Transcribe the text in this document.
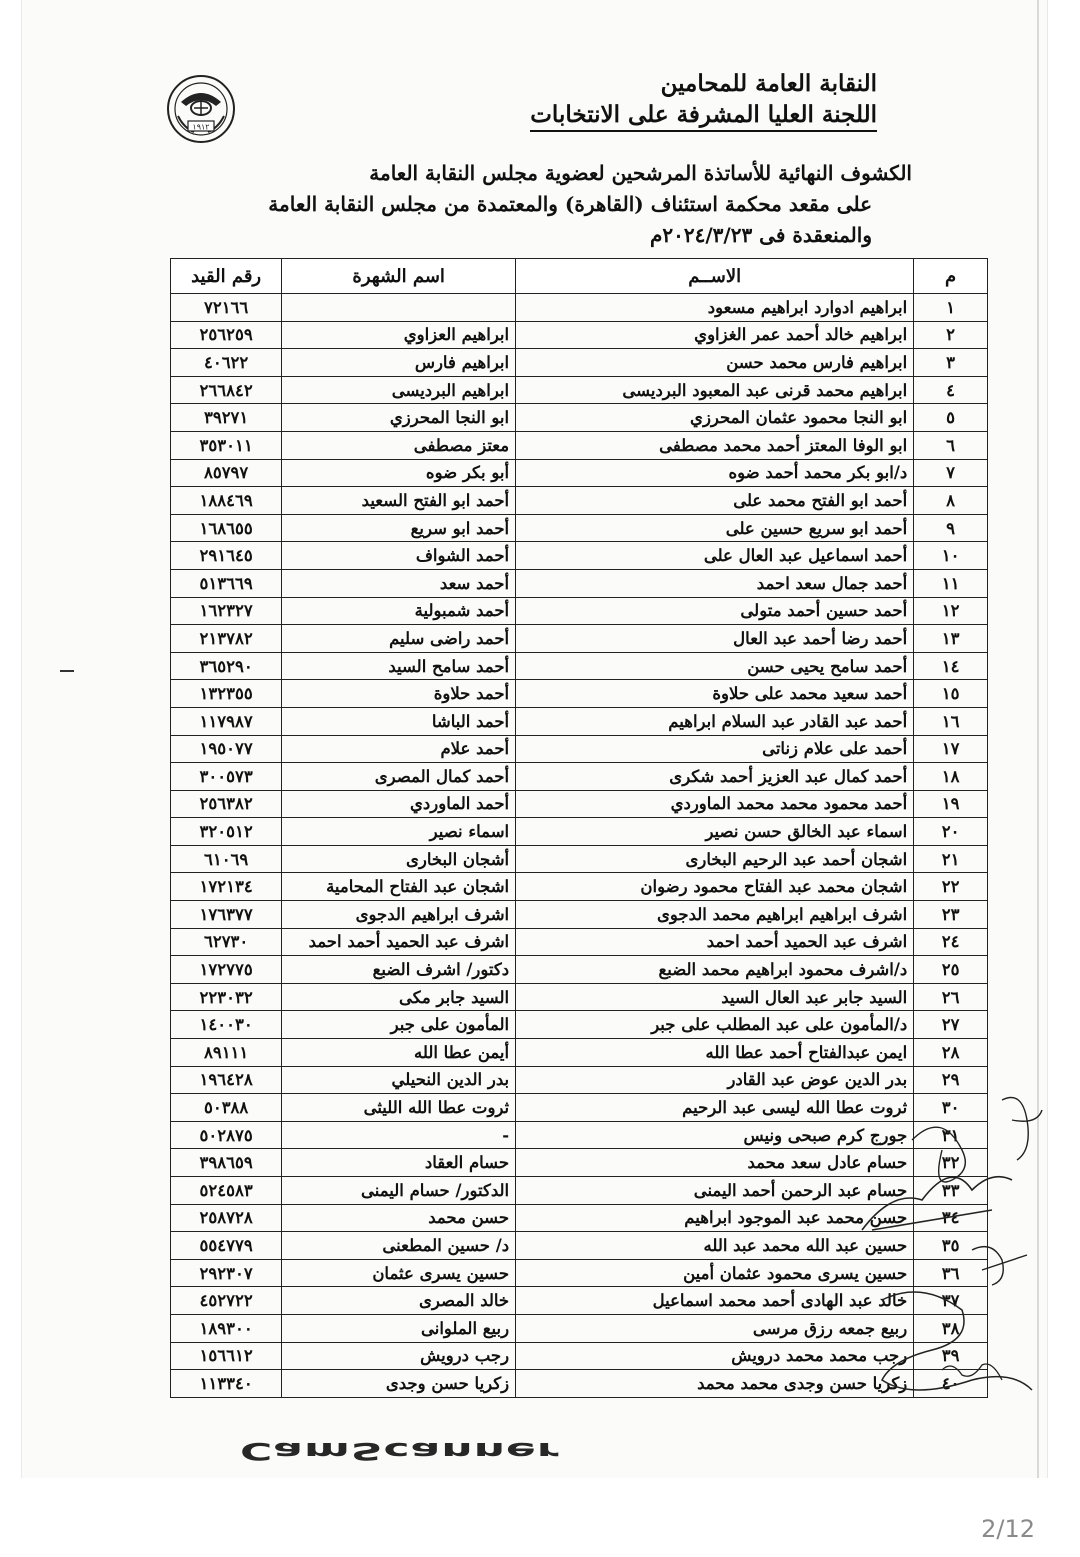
١٩١٢
النقابة العامة للمحامين
اللجنة العليا المشرفة على الانتخابات
الكشوف النهائية للأساتذة المرشحين لعضوية مجلس النقابة العامة
على مقعد محكمة استئناف (القاهرة) والمعتمدة من مجلس النقابة العامة
والمنعقدة فى ٢٠٢٤/٣/٢٣م
م	الاســم	اسم الشهرة	رقم القيد
١	ابراهيم ادوارد ابراهيم مسعود		٧٢١٦٦
٢	ابراهيم خالد أحمد عمر الغزاوي	ابراهيم العزاوي	٢٥٦٢٥٩
٣	ابراهيم فارس محمد حسن	ابراهيم فارس	٤٠٦٢٢
٤	ابراهيم محمد قرنى عبد المعبود البرديسى	ابراهيم البرديسى	٢٦٦٨٤٢
٥	ابو النجا محمود عثمان المحرزي	ابو النجا المحرزي	٣٩٢٧١
٦	ابو الوفا المعتز أحمد محمد مصطفى	معتز مصطفى	٣٥٣٠١١
٧	د/ابو بكر محمد أحمد ضوه	أبو بكر ضوه	٨٥٧٩٧
٨	أحمد ابو الفتح محمد على	أحمد ابو الفتح السعيد	١٨٨٤٦٩
٩	أحمد ابو سريع حسين على	أحمد ابو سريع	١٦٨٦٥٥
١٠	أحمد اسماعيل عبد العال على	أحمد الشواف	٢٩١٦٤٥
١١	أحمد جمال سعد احمد	أحمد سعد	٥١٣٦٦٩
١٢	أحمد حسين أحمد متولى	أحمد شمبولية	١٦٢٣٢٧
١٣	أحمد رضا أحمد عبد العال	أحمد راضى سليم	٢١٣٧٨٢
١٤	أحمد سامح يحيى حسن	أحمد سامح السيد	٣٦٥٢٩٠
١٥	أحمد سعيد محمد على حلاوة	أحمد حلاوة	١٣٢٣٥٥
١٦	أحمد عبد القادر عبد السلام ابراهيم	أحمد الباشا	١١٧٩٨٧
١٧	أحمد على علام زناتى	أحمد علام	١٩٥٠٧٧
١٨	أحمد كمال عبد العزيز أحمد شكرى	أحمد كمال المصرى	٣٠٠٥٧٣
١٩	أحمد محمود محمد محمد الماوردي	أحمد الماوردي	٢٥٦٣٨٢
٢٠	اسماء عبد الخالق حسن نصير	اسماء نصير	٣٢٠٥١٢
٢١	اشجان أحمد عبد الرحيم البخارى	أشجان البخارى	٦١٠٦٩
٢٢	اشجان محمد عبد الفتاح محمود رضوان	اشجان عبد الفتاح المحامية	١٧٢١٣٤
٢٣	اشرف ابراهيم ابراهيم محمد الدجوى	اشرف ابراهيم الدجوى	١٧٦٣٧٧
٢٤	اشرف عبد الحميد أحمد احمد	اشرف عبد الحميد أحمد احمد	٦٢٧٣٠
٢٥	د/اشرف محمود ابراهيم محمد الضبع	دكتور/ اشرف الضبع	١٧٢٧٧٥
٢٦	السيد جابر عبد العال السيد	السيد جابر مكى	٢٢٣٠٣٢
٢٧	د/المأمون على عبد المطلب على جبر	المأمون على جبر	١٤٠٠٣٠
٢٨	ايمن عبدالفتاح أحمد عطا الله	أيمن عطا الله	٨٩١١١
٢٩	بدر الدين عوض عبد القادر	بدر الدين النحيلي	١٩٦٤٢٨
٣٠	ثروت عطا الله ليسى عبد الرحيم	ثروت عطا الله الليثى	٥٠٣٨٨
٣١	جورج كرم صبحى ونيس	-	٥٠٢٨٧٥
٣٢	حسام عادل سعد محمد	حسام العقاد	٣٩٨٦٥٩
٣٣	حسام عبد الرحمن أحمد اليمنى	الدكتور/ حسام اليمنى	٥٢٤٥٨٣
٣٤	حسن محمد عبد الموجود ابراهيم	حسن محمد	٢٥٨٧٢٨
٣٥	حسين عبد الله محمد عبد الله	د/ حسين المطعنى	٥٥٤٧٧٩
٣٦	حسين يسرى محمود عثمان أمين	حسين يسرى عثمان	٢٩٢٣٠٧
٣٧	خالد عبد الهادى أحمد محمد اسماعيل	خالد المصرى	٤٥٢٧٢٢
٣٨	ربيع جمعه رزق مرسى	ربيع الملوانى	١٨٩٣٠٠
٣٩	رجب محمد محمد درويش	رجب درويش	١٥٦٦١٢
٤٠	زكريا حسن وجدى محمد محمد	زكريا حسن وجدى	١١٣٣٤٠
CamScanner
2/12
